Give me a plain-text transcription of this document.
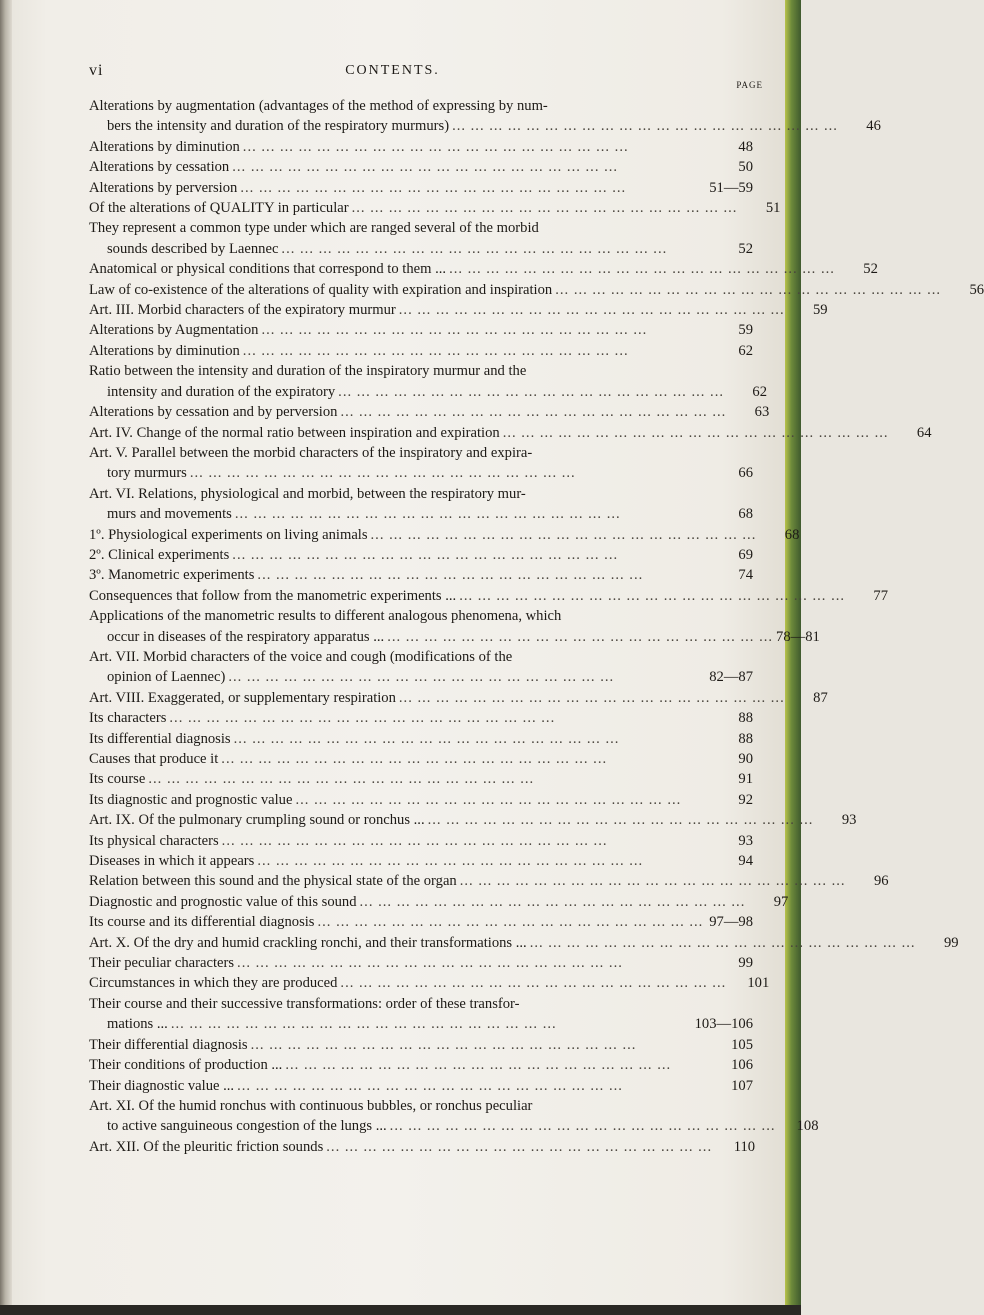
vi	CONTENTS.
PAGE
Alterations by augmentation (advantages of the method of expressing by num-
bers the intensity and duration of the respiratory murmurs) ... ... ... ... ... ... ... ... ... ... ... ... ... ... ... ... ... ... ... ... ...	46
Alterations by diminution ... ... ... ... ... ... ... ... ... ... ... ... ... ... ... ... ... ... ... ... ...	48
Alterations by cessation ... ... ... ... ... ... ... ... ... ... ... ... ... ... ... ... ... ... ... ... ...	50
Alterations by perversion ... ... ... ... ... ... ... ... ... ... ... ... ... ... ... ... ... ... ... ... ...	51—59
Of the alterations of QUALITY in particular ... ... ... ... ... ... ... ... ... ... ... ... ... ... ... ... ... ... ... ... ...	51
They represent a common type under which are ranged several of the morbid
sounds described by Laennec ... ... ... ... ... ... ... ... ... ... ... ... ... ... ... ... ... ... ... ... ...	52
Anatomical or physical conditions that correspond to them ... ... ... ... ... ... ... ... ... ... ... ... ... ... ... ... ... ... ... ... ... ...	52
Law of co-existence of the alterations of quality with expiration and inspiration ... ... ... ... ... ... ... ... ... ... ... ... ... ... ... ... ... ... ... ... ...	56
Art. III. Morbid characters of the expiratory murmur ... ... ... ... ... ... ... ... ... ... ... ... ... ... ... ... ... ... ... ... ...	59
Alterations by Augmentation ... ... ... ... ... ... ... ... ... ... ... ... ... ... ... ... ... ... ... ... ...	59
Alterations by diminution ... ... ... ... ... ... ... ... ... ... ... ... ... ... ... ... ... ... ... ... ...	62
Ratio between the intensity and duration of the inspiratory murmur and the
intensity and duration of the expiratory ... ... ... ... ... ... ... ... ... ... ... ... ... ... ... ... ... ... ... ... ...	62
Alterations by cessation and by perversion ... ... ... ... ... ... ... ... ... ... ... ... ... ... ... ... ... ... ... ... ...	63
Art. IV. Change of the normal ratio between inspiration and expiration ... ... ... ... ... ... ... ... ... ... ... ... ... ... ... ... ... ... ... ... ...	64
Art. V. Parallel between the morbid characters of the inspiratory and expira-
tory murmurs ... ... ... ... ... ... ... ... ... ... ... ... ... ... ... ... ... ... ... ... ...	66
Art. VI. Relations, physiological and morbid, between the respiratory mur-
murs and movements ... ... ... ... ... ... ... ... ... ... ... ... ... ... ... ... ... ... ... ... ...	68
1º. Physiological experiments on living animals ... ... ... ... ... ... ... ... ... ... ... ... ... ... ... ... ... ... ... ... ...	68
2º. Clinical experiments ... ... ... ... ... ... ... ... ... ... ... ... ... ... ... ... ... ... ... ... ...	69
3º. Manometric experiments ... ... ... ... ... ... ... ... ... ... ... ... ... ... ... ... ... ... ... ... ...	74
Consequences that follow from the manometric experiments ... ... ... ... ... ... ... ... ... ... ... ... ... ... ... ... ... ... ... ... ... ...	77
Applications of the manometric results to different analogous phenomena, which
occur in diseases of the respiratory apparatus ... ... ... ... ... ... ... ... ... ... ... ... ... ... ... ... ... ... ... ... ... ... 78—81
Art. VII. Morbid characters of the voice and cough (modifications of the
opinion of Laennec) ... ... ... ... ... ... ... ... ... ... ... ... ... ... ... ... ... ... ... ... ...	82—87
Art. VIII. Exaggerated, or supplementary respiration ... ... ... ... ... ... ... ... ... ... ... ... ... ... ... ... ... ... ... ... ...	87
Its characters ... ... ... ... ... ... ... ... ... ... ... ... ... ... ... ... ... ... ... ... ...	88
Its differential diagnosis ... ... ... ... ... ... ... ... ... ... ... ... ... ... ... ... ... ... ... ... ...	88
Causes that produce it ... ... ... ... ... ... ... ... ... ... ... ... ... ... ... ... ... ... ... ... ...	90
Its course ... ... ... ... ... ... ... ... ... ... ... ... ... ... ... ... ... ... ... ... ...	91
Its diagnostic and prognostic value ... ... ... ... ... ... ... ... ... ... ... ... ... ... ... ... ... ... ... ... ...	92
Art. IX. Of the pulmonary crumpling sound or ronchus ... ... ... ... ... ... ... ... ... ... ... ... ... ... ... ... ... ... ... ... ... ...	93
Its physical characters ... ... ... ... ... ... ... ... ... ... ... ... ... ... ... ... ... ... ... ... ...	93
Diseases in which it appears ... ... ... ... ... ... ... ... ... ... ... ... ... ... ... ... ... ... ... ... ...	94
Relation between this sound and the physical state of the organ ... ... ... ... ... ... ... ... ... ... ... ... ... ... ... ... ... ... ... ... ...	96
Diagnostic and prognostic value of this sound ... ... ... ... ... ... ... ... ... ... ... ... ... ... ... ... ... ... ... ... ...	97
Its course and its differential diagnosis ... ... ... ... ... ... ... ... ... ... ... ... ... ... ... ... ... ... ... ... ... 97—98
Art. X. Of the dry and humid crackling ronchi, and their transformations ... ... ... ... ... ... ... ... ... ... ... ... ... ... ... ... ... ... ... ... ... ...	99
Their peculiar characters ... ... ... ... ... ... ... ... ... ... ... ... ... ... ... ... ... ... ... ... ...	99
Circumstances in which they are produced ... ... ... ... ... ... ... ... ... ... ... ... ... ... ... ... ... ... ... ... ...	101
Their course and their successive transformations: order of these transfor-
mations ... ... ... ... ... ... ... ... ... ... ... ... ... ... ... ... ... ... ... ... ... ...	103—106
Their differential diagnosis ... ... ... ... ... ... ... ... ... ... ... ... ... ... ... ... ... ... ... ... ...	105
Their conditions of production ... ... ... ... ... ... ... ... ... ... ... ... ... ... ... ... ... ... ... ... ... ...	106
Their diagnostic value ... ... ... ... ... ... ... ... ... ... ... ... ... ... ... ... ... ... ... ... ... ...	107
Art. XI. Of the humid ronchus with continuous bubbles, or ronchus peculiar
to active sanguineous congestion of the lungs ... ... ... ... ... ... ... ... ... ... ... ... ... ... ... ... ... ... ... ... ... ...	108
Art. XII. Of the pleuritic friction sounds ... ... ... ... ... ... ... ... ... ... ... ... ... ... ... ... ... ... ... ... ...	110
